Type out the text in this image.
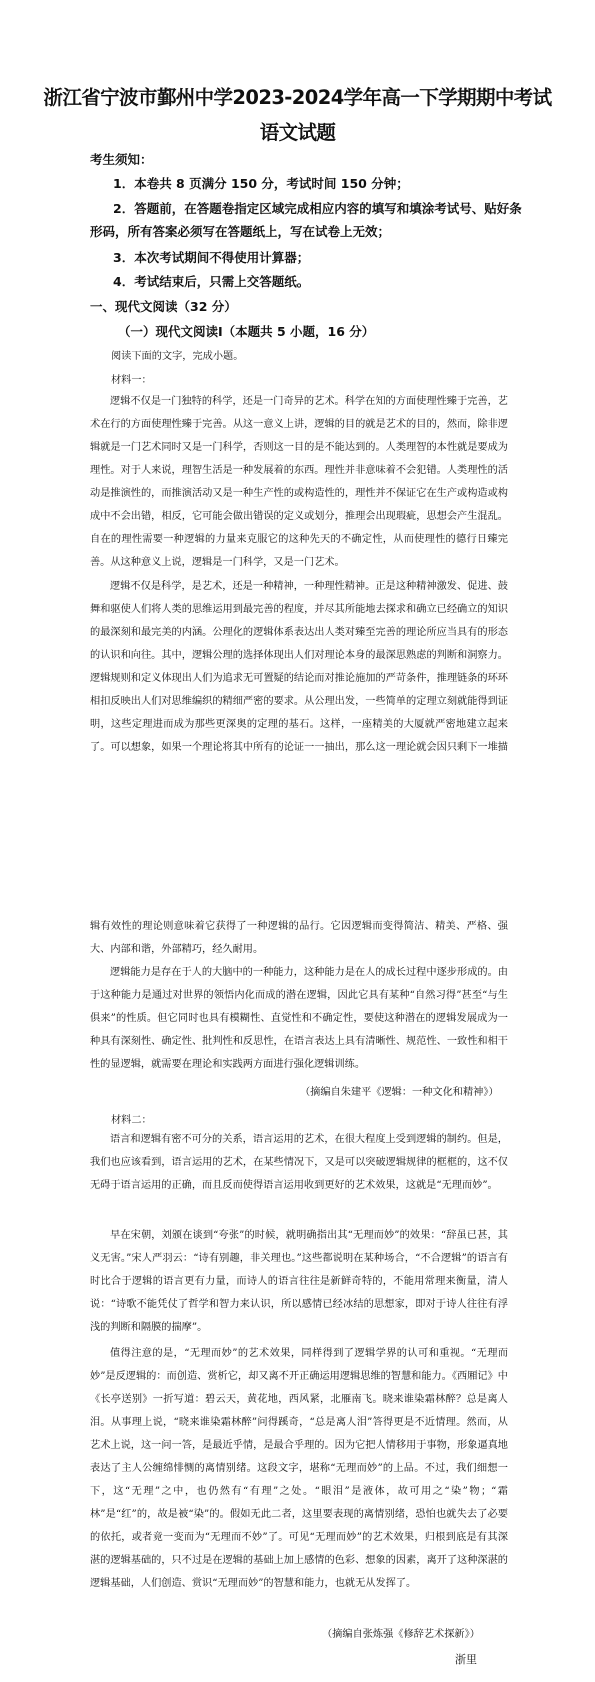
浙江省宁波市鄞州中学2023-2024学年高一下学期期中考试
语文试题
考生须知：
1．本卷共 8 页满分 150 分，考试时间 150 分钟；
2．答题前，在答题卷指定区域完成相应内容的填写和填涂考试号、贴好条
形码，所有答案必须写在答题纸上，写在试卷上无效；
3．本次考试期间不得使用计算器；
4．考试结束后，只需上交答题纸。
一、现代文阅读（32 分）
（一）现代文阅读Ⅰ（本题共 5 小题，16 分）
阅读下面的文字，完成小题。
材料一：

逻辑不仅是一门独特的科学，还是一门奇异的艺术。科学在知的方面使理性臻于完善，艺术在行的方面使理性臻于完善。从这一意义上讲，逻辑的目的就是艺术的目的，然而，除非逻辑就是一门艺术同时又是一门科学，否则这一目的是不能达到的。人类理智的本性就是要成为理性。对于人来说，理智生活是一种发展着的东西。理性并非意味着不会犯错。人类理性的活动是推演性的，而推演活动又是一种生产性的或构造性的，理性并不保证它在生产或构造或构成中不会出错，相反，它可能会做出错误的定义或划分，推理会出现瑕疵，思想会产生混乱。自在的理性需要一种逻辑的力量来克服它的这种先天的不确定性，从而使理性的德行日臻完善。从这种意义上说，逻辑是一门科学，又是一门艺术。

逻辑不仅是科学，是艺术，还是一种精神，一种理性精神。正是这种精神激发、促进、鼓舞和驱使人们将人类的思维运用到最完善的程度，并尽其所能地去探求和确立已经确立的知识的最深刻和最完美的内涵。公理化的逻辑体系表达出人类对臻至完善的理论所应当具有的形态的认识和向往。其中，逻辑公理的选择体现出人们对理论本身的最深思熟虑的判断和洞察力。逻辑规则和定义体现出人们为追求无可置疑的结论而对推论施加的严苛条件，推理链条的环环相扣反映出人们对思维编织的精细严密的要求。从公理出发，一些简单的定理立刻就能得到证明，这些定理进而成为那些更深奥的定理的基石。这样，一座精美的大厦就严密地建立起来了。可以想象，如果一个理论将其中所有的论证一一抽出，那么这一理论就会因只剩下一堆描

辑有效性的理论则意味着它获得了一种逻辑的品行。它因逻辑而变得简洁、精美、严格、强大、内部和谐，外部精巧，经久耐用。

逻辑能力是存在于人的大脑中的一种能力，这种能力是在人的成长过程中逐步形成的。由于这种能力是通过对世界的领悟内化而成的潜在逻辑，因此它具有某种“自然习得”甚至“与生俱来”的性质。但它同时也具有模糊性、直觉性和不确定性，要使这种潜在的逻辑发展成为一种具有深刻性、确定性、批判性和反思性，在语言表达上具有清晰性、规范性、一致性和相干性的显逻辑，就需要在理论和实践两方面进行强化逻辑训练。

（摘编自朱建平《逻辑：一种文化和精神》）
材料二：

语言和逻辑有密不可分的关系，语言运用的艺术，在很大程度上受到逻辑的制约。但是，我们也应该看到，语言运用的艺术，在某些情况下，又是可以突破逻辑规律的框框的，这不仅无碍于语言运用的正确，而且反而使得语言运用收到更好的艺术效果，这就是“无理而妙”。

早在宋朝，刘颁在谈到“夸张”的时候，就明确指出其“无理而妙”的效果：“辞虽已甚，其义无害。”宋人严羽云：“诗有别趣，非关理也。”这些都说明在某种场合，“不合逻辑”的语言有时比合于逻辑的语言更有力量，而诗人的语言往往是新鲜奇特的，不能用常理来衡量，清人说：“诗歌不能凭仗了哲学和智力来认识，所以感情已经冰结的思想家，即对于诗人往往有浮浅的判断和隔膜的揣摩”。

值得注意的是，“无理而妙”的艺术效果，同样得到了逻辑学界的认可和重视。“无理而妙”是反逻辑的：而创造、赏析它，却又离不开正确运用逻辑思维的智慧和能力。《西厢记》中《长亭送别》一折写道：碧云天，黄花地，西风紧，北雁南飞。晓来谁染霜林醉？总是离人泪。从事理上说，“晓来谁染霜林醉”问得蹊奇，“总是离人泪”答得更是不近情理。然而，从艺术上说，这一问一答，是最近乎情，是最合乎理的。因为它把人情移用于事物，形象逼真地表达了主人公缠绵悱恻的离情别绪。这段文字，堪称“无理而妙”的上品。不过，我们细想一下，这“无理”之中，也仍然有“有理”之处。“眼泪”是液体，故可用之“染”物；“霜林”是“红”的，故是被“染”的。假如无此二者，这里要表现的离情别绪，恐怕也就失去了必要的依托，或者竟一变而为“无理而不妙”了。可见“无理而妙”的艺术效果，归根到底是有其深湛的逻辑基础的，只不过是在逻辑的基础上加上感情的色彩、想象的因素，离开了这种深湛的逻辑基础，人们创造、赏识“无理而妙”的智慧和能力，也就无从发挥了。

（摘编自张炼强《修辞艺术探新》）
浙里
